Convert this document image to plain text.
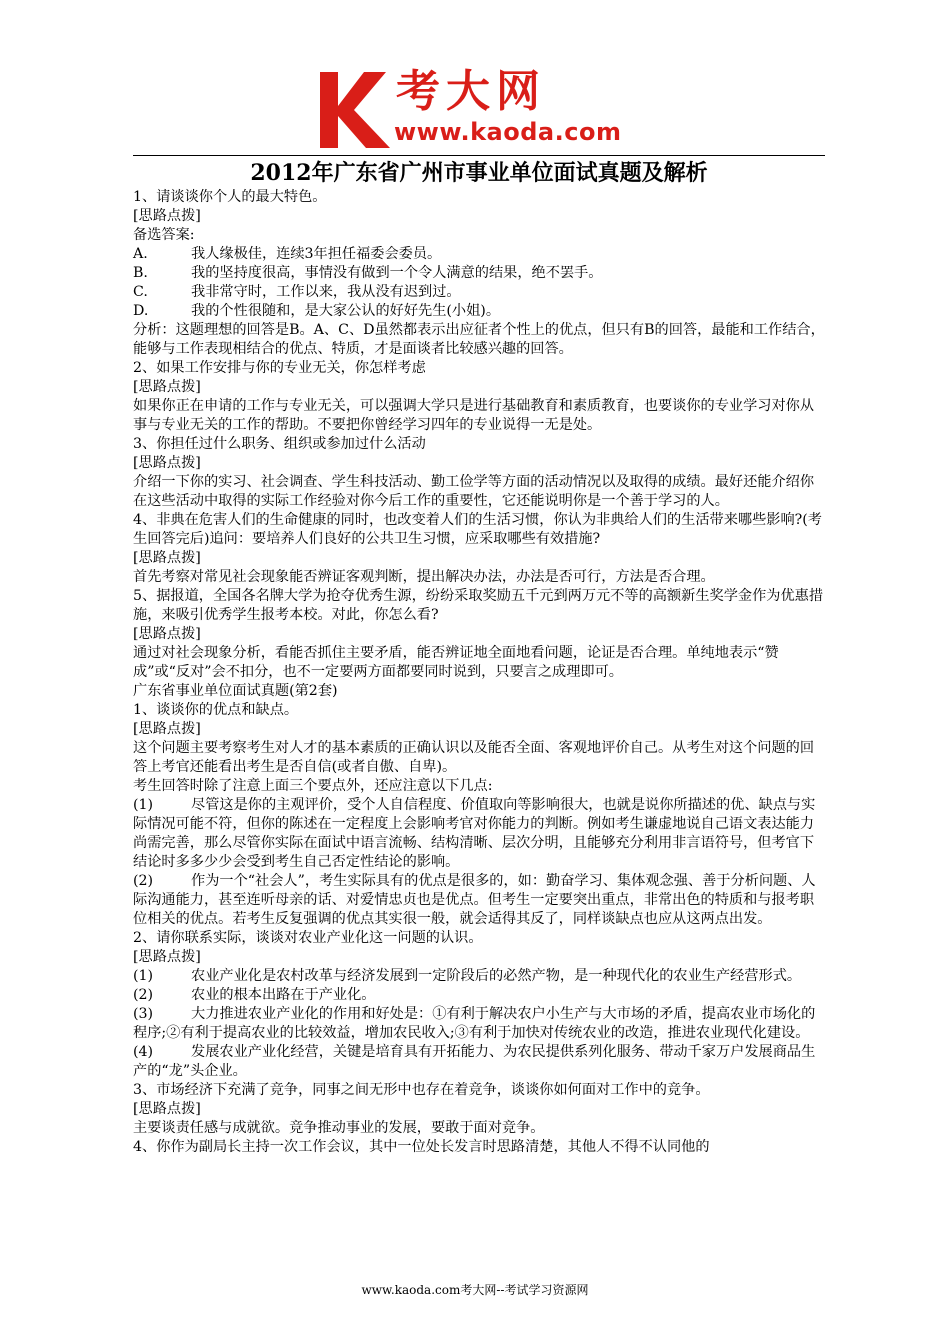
考大网
www.kaoda.com
2012年广东省广州市事业单位面试真题及解析

1、请谈谈你个人的最大特色。

[思路点拨]

备选答案:

A.	我人缘极佳，连续3年担任福委会委员。
B.	我的坚持度很高，事情没有做到一个令人满意的结果，绝不罢手。
C.	我非常守时，工作以来，我从没有迟到过。
D.	我的个性很随和，是大家公认的好好先生(小姐)。

分析：这题理想的回答是B。A、C、D虽然都表示出应征者个性上的优点，但只有B的回答，最能和工作结合，能够与工作表现相结合的优点、特质，才是面谈者比较感兴趣的回答。

2、如果工作安排与你的专业无关，你怎样考虑

[思路点拨]

如果你正在申请的工作与专业无关，可以强调大学只是进行基础教育和素质教育，也要谈你的专业学习对你从事与专业无关的工作的帮助。不要把你曾经学习四年的专业说得一无是处。

3、你担任过什么职务、组织或参加过什么活动

[思路点拨]

介绍一下你的实习、社会调查、学生科技活动、勤工俭学等方面的活动情况以及取得的成绩。最好还能介绍你在这些活动中取得的实际工作经验对你今后工作的重要性，它还能说明你是一个善于学习的人。

4、非典在危害人们的生命健康的同时，也改变着人们的生活习惯，你认为非典给人们的生活带来哪些影响?(考生回答完后)追问：要培养人们良好的公共卫生习惯，应采取哪些有效措施?

[思路点拨]

首先考察对常见社会现象能否辨证客观判断，提出解决办法，办法是否可行，方法是否合理。

5、据报道，全国各名牌大学为抢夺优秀生源，纷纷采取奖励五千元到两万元不等的高额新生奖学金作为优惠措施，来吸引优秀学生报考本校。对此，你怎么看?

[思路点拨]

通过对社会现象分析，看能否抓住主要矛盾，能否辨证地全面地看问题，论证是否合理。单纯地表示“赞成”或“反对”会不扣分，也不一定要两方面都要同时说到，只要言之成理即可。

广东省事业单位面试真题(第2套)

1、谈谈你的优点和缺点。

[思路点拨]

这个问题主要考察考生对人才的基本素质的正确认识以及能否全面、客观地评价自己。从考生对这个问题的回答上考官还能看出考生是否自信(或者自傲、自卑)。

考生回答时除了注意上面三个要点外，还应注意以下几点:

(1)	尽管这是你的主观评价，受个人自信程度、价值取向等影响很大，也就是说你所描述的优、缺点与实际情况可能不符，但你的陈述在一定程度上会影响考官对你能力的判断。例如考生谦虚地说自己语文表达能力尚需完善，那么尽管你实际在面试中语言流畅、结构清晰、层次分明，且能够充分利用非言语符号，但考官下结论时多多少少会受到考生自己否定性结论的影响。
(2)	作为一个“社会人”，考生实际具有的优点是很多的，如：勤奋学习、集体观念强、善于分析问题、人际沟通能力，甚至连听母亲的话、对爱情忠贞也是优点。但考生一定要突出重点，非常出色的特质和与报考职位相关的优点。若考生反复强调的优点其实很一般，就会适得其反了，同样谈缺点也应从这两点出发。

2、请你联系实际，谈谈对农业产业化这一问题的认识。

[思路点拨]

(1)	农业产业化是农村改革与经济发展到一定阶段后的必然产物，是一种现代化的农业生产经营形式。
(2)	农业的根本出路在于产业化。
(3)	大力推进农业产业化的作用和好处是：①有利于解决农户小生产与大市场的矛盾，提高农业市场化的程序;②有利于提高农业的比较效益，增加农民收入;③有利于加快对传统农业的改造，推进农业现代化建设。
(4)	发展农业产业化经营，关键是培育具有开拓能力、为农民提供系列化服务、带动千家万户发展商品生产的“龙”头企业。

3、市场经济下充满了竞争，同事之间无形中也存在着竞争，谈谈你如何面对工作中的竞争。

[思路点拨]

主要谈责任感与成就欲。竞争推动事业的发展，要敢于面对竞争。

4、你作为副局长主持一次工作会议，其中一位处长发言时思路清楚，其他人不得不认同他的

www.kaoda.com考大网--考试学习资源网
